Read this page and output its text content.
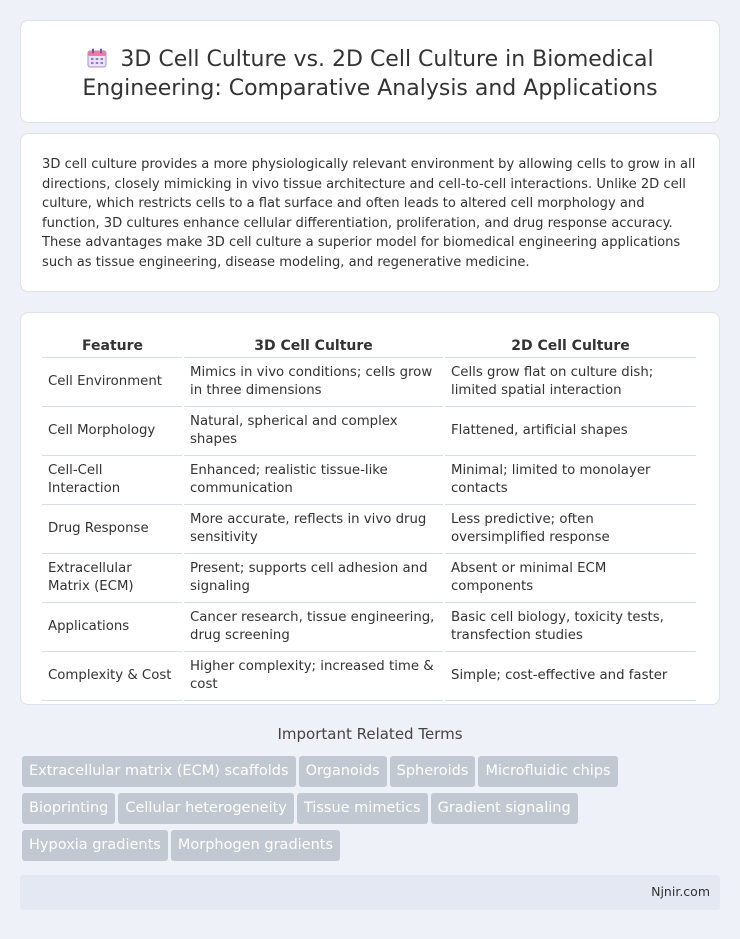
3D Cell Culture vs. 2D Cell Culture in Biomedical Engineering: Comparative Analysis and Applications

3D cell culture provides a more physiologically relevant environment by allowing cells to grow in all directions, closely mimicking in vivo tissue architecture and cell-to-cell interactions. Unlike 2D cell culture, which restricts cells to a flat surface and often leads to altered cell morphology and function, 3D cultures enhance cellular differentiation, proliferation, and drug response accuracy. These advantages make 3D cell culture a superior model for biomedical engineering applications such as tissue engineering, disease modeling, and regenerative medicine.

Feature	3D Cell Culture	2D Cell Culture
Cell Environment	Mimics in vivo conditions; cells grow in three dimensions	Cells grow flat on culture dish; limited spatial interaction
Cell Morphology	Natural, spherical and complex shapes	Flattened, artificial shapes
Cell-Cell Interaction	Enhanced; realistic tissue-like communication	Minimal; limited to monolayer contacts
Drug Response	More accurate, reflects in vivo drug sensitivity	Less predictive; often oversimplified response
Extracellular Matrix (ECM)	Present; supports cell adhesion and signaling	Absent or minimal ECM components
Applications	Cancer research, tissue engineering, drug screening	Basic cell biology, toxicity tests, transfection studies
Complexity & Cost	Higher complexity; increased time & cost	Simple; cost-effective and faster
Important Related Terms
Extracellular matrix (ECM) scaffolds Organoids Spheroids Microfluidic chips
Bioprinting Cellular heterogeneity Tissue mimetics Gradient signaling
Hypoxia gradients Morphogen gradients
Njnir.com
